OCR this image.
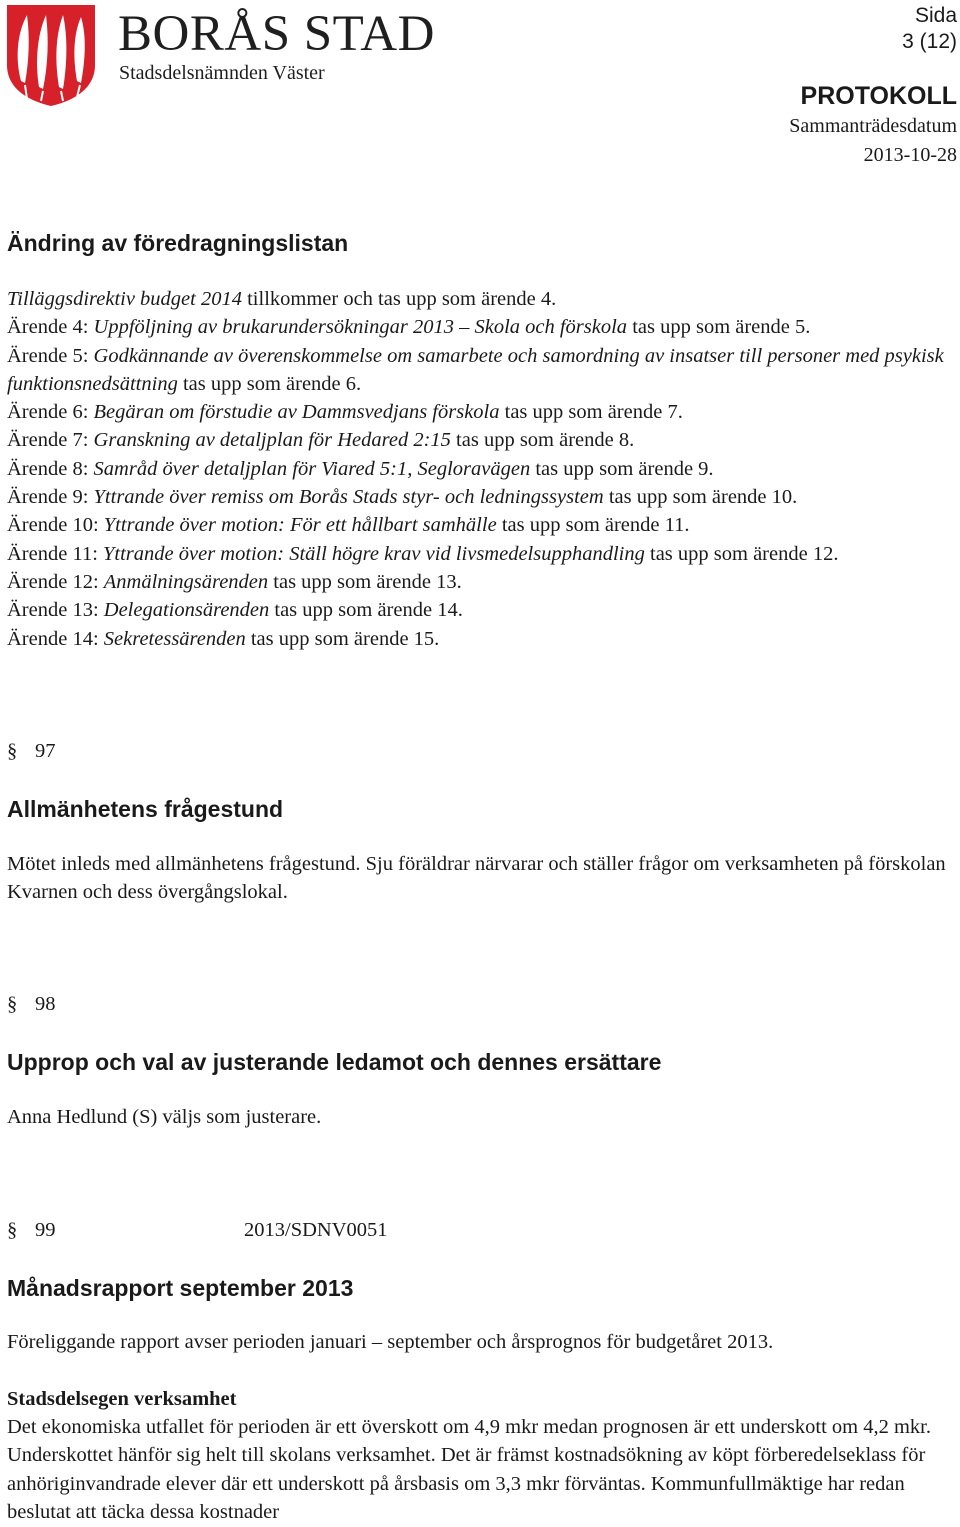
BORÅS STAD
Stadsdelsnämnden Väster
Sida
3 (12)
PROTOKOLL
Sammanträdesdatum
2013-10-28
Ändring av föredragningslistan
Tilläggsdirektiv budget 2014 tillkommer och tas upp som ärende 4.
Ärende 4: Uppföljning av brukarundersökningar 2013 – Skola och förskola tas upp som ärende 5.
Ärende 5: Godkännande av överenskommelse om samarbete och samordning av insatser till personer med psykisk funktionsnedsättning tas upp som ärende 6.
Ärende 6: Begäran om förstudie av Dammsvedjans förskola tas upp som ärende 7.
Ärende 7: Granskning av detaljplan för Hedared 2:15 tas upp som ärende 8.
Ärende 8: Samråd över detaljplan för Viared 5:1, Segloravägen tas upp som ärende 9.
Ärende 9: Yttrande över remiss om Borås Stads styr- och ledningssystem tas upp som ärende 10.
Ärende 10: Yttrande över motion: För ett hållbart samhälle tas upp som ärende 11.
Ärende 11: Yttrande över motion: Ställ högre krav vid livsmedelsupphandling tas upp som ärende 12.
Ärende 12: Anmälningsärenden tas upp som ärende 13.
Ärende 13: Delegationsärenden tas upp som ärende 14.
Ärende 14: Sekretessärenden tas upp som ärende 15.
§ 97
Allmänhetens frågestund
Mötet inleds med allmänhetens frågestund. Sju föräldrar närvarar och ställer frågor om verksamheten på förskolan Kvarnen och dess övergångslokal.
§ 98
Upprop och val av justerande ledamot och dennes ersättare
Anna Hedlund (S) väljs som justerare.
§ 99	2013/SDNV0051
Månadsrapport september 2013
Föreliggande rapport avser perioden januari – september och årsprognos för budgetåret 2013.
Stadsdelsegen verksamhet
Det ekonomiska utfallet för perioden är ett överskott om 4,9 mkr medan prognosen är ett underskott om 4,2 mkr. Underskottet hänför sig helt till skolans verksamhet. Det är främst kostnadsökning av köpt förberedelseklass för anhöriginvandrade elever där ett underskott på årsbasis om 3,3 mkr förväntas. Kommunfullmäktige har redan beslutat att täcka dessa kostnader
